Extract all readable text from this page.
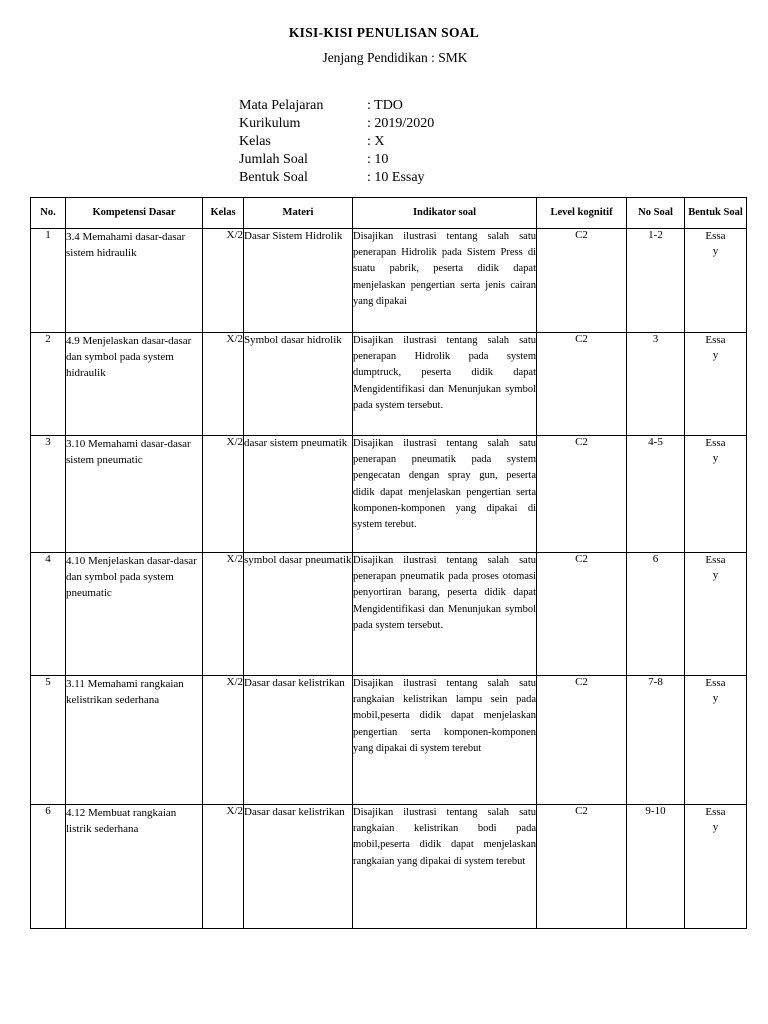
KISI-KISI PENULISAN SOAL
Jenjang Pendidikan : SMK
Mata Pelajaran	: TDO
Kurikulum	: 2019/2020
Kelas	: X
Jumlah Soal	: 10
Bentuk Soal	: 10 Essay
No.	Kompetensi Dasar	Kelas	Materi	Indikator soal	Level kognitif	No Soal	Bentuk Soal
1	3.4 Memahami dasar-dasar sistem hidraulik	X/2	Dasar Sistem Hidrolik	Disajikan ilustrasi tentang salah satu penerapan Hidrolik pada Sistem Press di suatu pabrik, peserta didik dapat menjelaskan pengertian serta jenis cairan yang dipakai	C2	1-2	Essay
2	4.9 Menjelaskan dasar-dasar dan symbol pada system hidraulik	X/2	Symbol dasar hidrolik	Disajikan ilustrasi tentang salah satu penerapan Hidrolik pada system dumptruck, peserta didik dapat Mengidentifikasi dan Menunjukan symbol pada system tersebut.	C2	3	Essay
3	3.10 Memahami dasar-dasar sistem pneumatic	X/2	dasar sistem pneumatik	Disajikan ilustrasi tentang salah satu penerapan pneumatik pada system pengecatan dengan spray gun, peserta didik dapat menjelaskan pengertian serta komponen-komponen yang dipakai di system terebut.	C2	4-5	Essay
4	4.10 Menjelaskan dasar-dasar dan symbol pada system pneumatic	X/2	symbol dasar pneumatik	Disajikan ilustrasi tentang salah satu penerapan pneumatik pada proses otomasi penyortiran barang, peserta didik dapat Mengidentifikasi dan Menunjukan symbol pada system tersebut.	C2	6	Essay
5	3.11 Memahami rangkaian kelistrikan sederhana	X/2	Dasar dasar kelistrikan	Disajikan ilustrasi tentang salah satu rangkaian kelistrikan lampu sein pada mobil,peserta didik dapat menjelaskan pengertian serta komponen-komponen yang dipakai di system terebut	C2	7-8	Essay
6	4.12 Membuat rangkaian listrik sederhana	X/2	Dasar dasar kelistrikan	Disajikan ilustrasi tentang salah satu rangkaian kelistrikan bodi pada mobil,peserta didik dapat menjelaskan rangkaian yang dipakai di system terebut	C2	9-10	Essay
